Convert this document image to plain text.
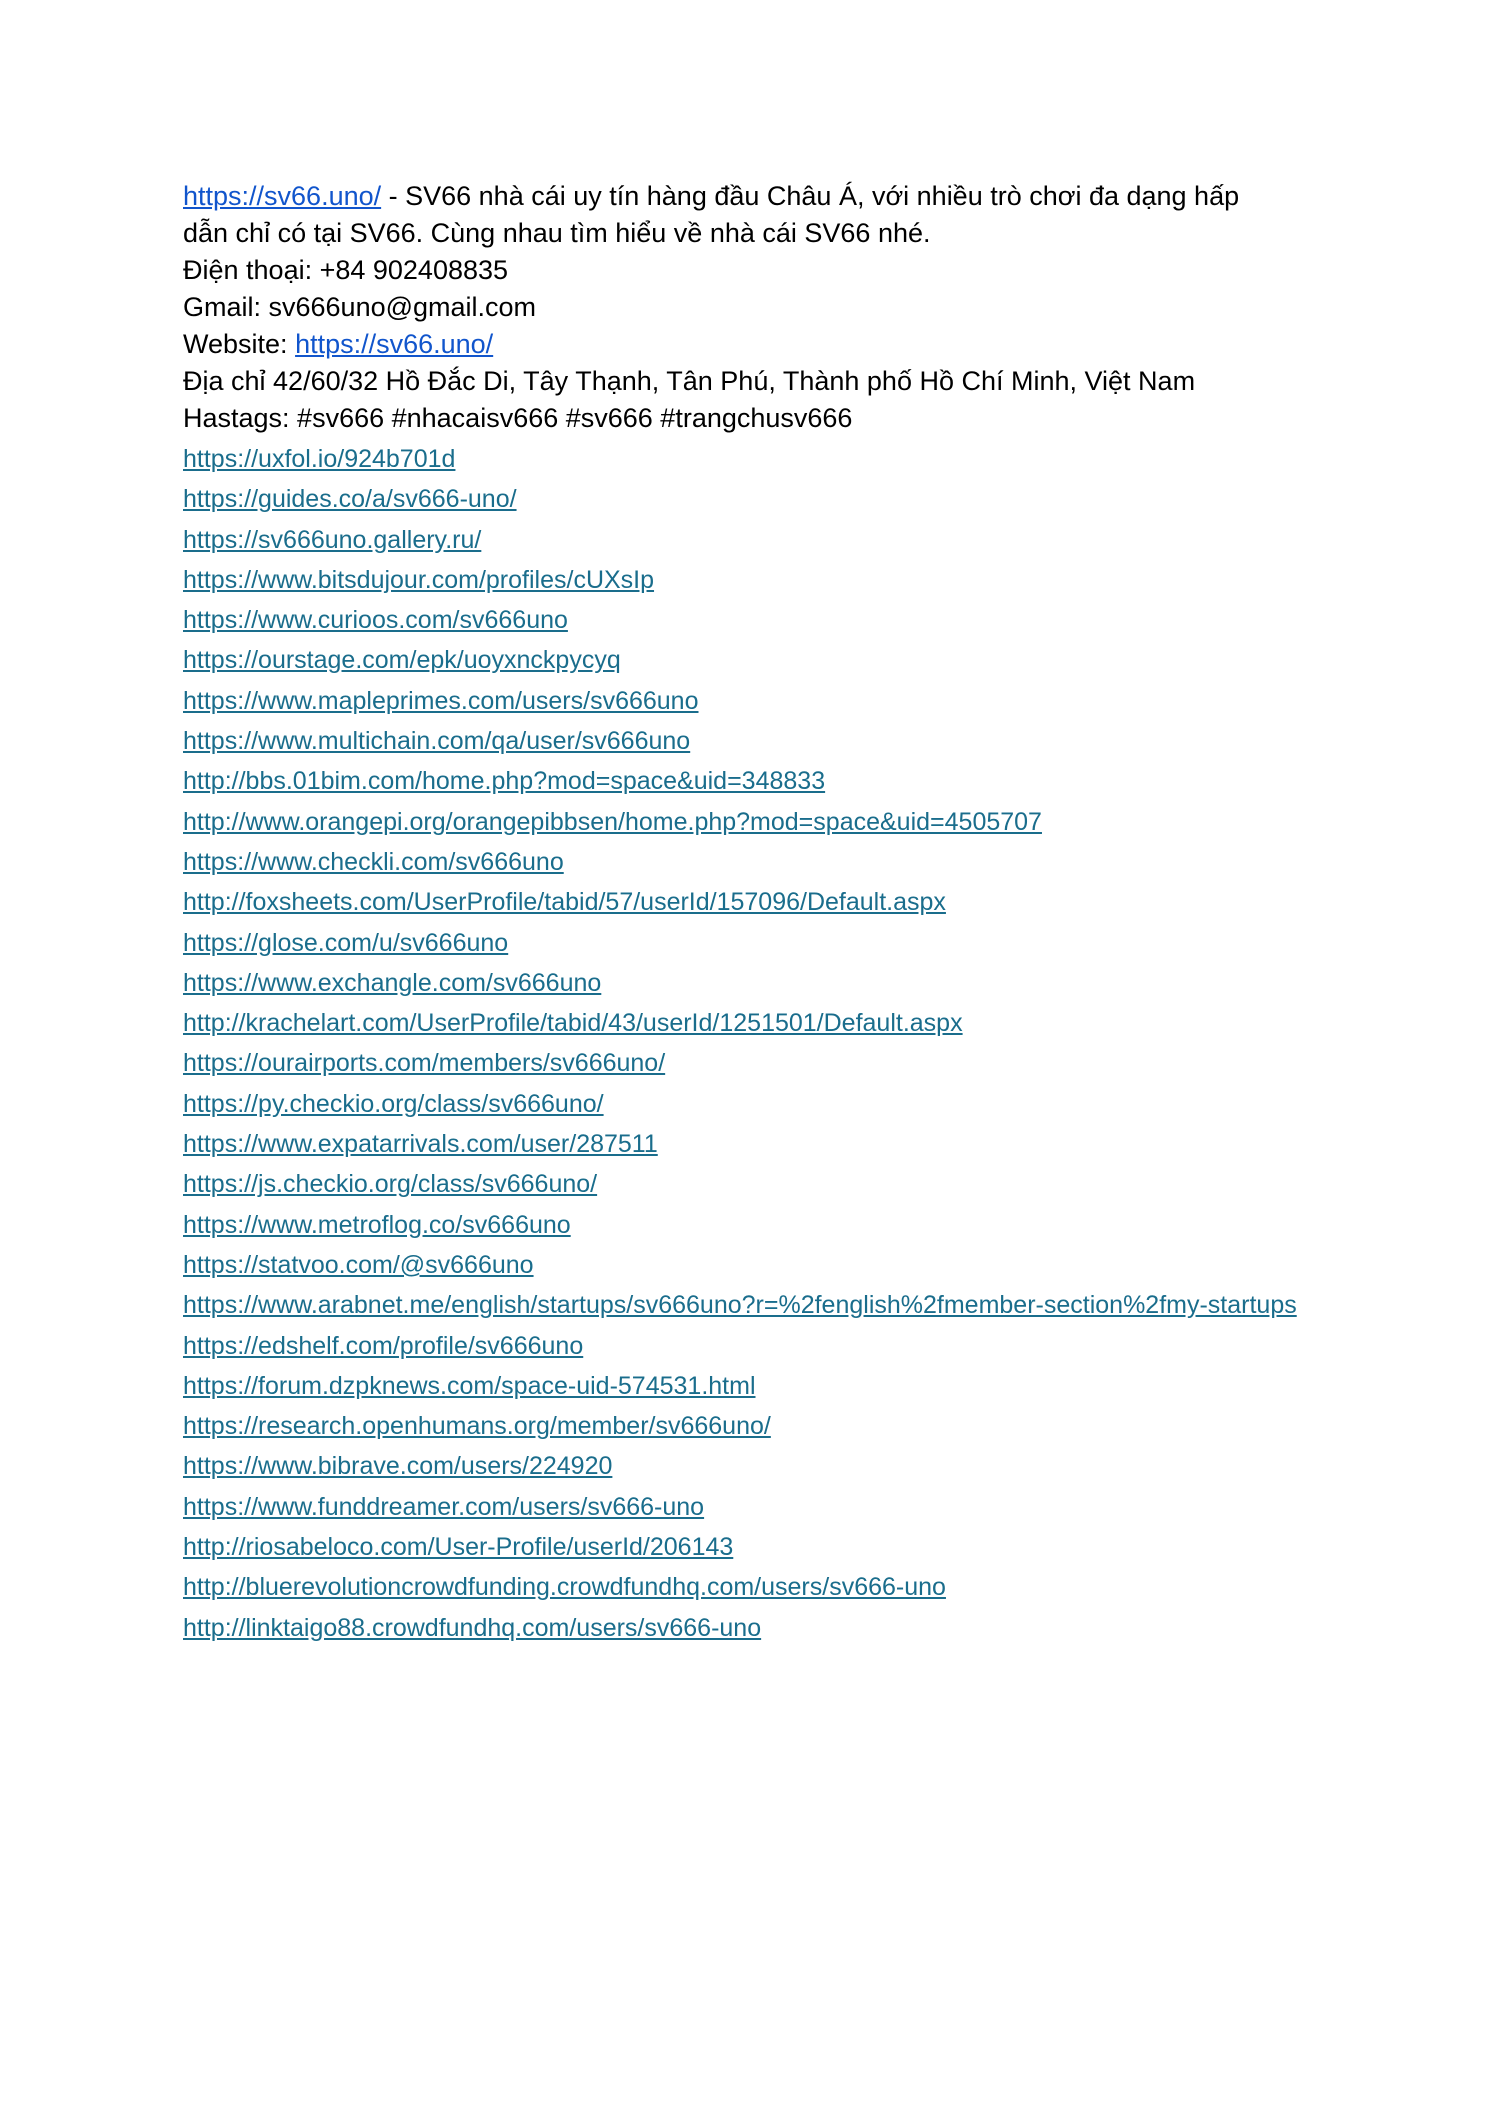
https://sv66.uno/ - SV66 nhà cái uy tín hàng đầu Châu Á, với nhiều trò chơi đa dạng hấp

dẫn chỉ có tại SV66. Cùng nhau tìm hiểu về nhà cái SV66 nhé.

Điện thoại: +84 902408835

Gmail: sv666uno@gmail.com

Website: https://sv66.uno/

Địa chỉ 42/60/32 Hồ Đắc Di, Tây Thạnh, Tân Phú, Thành phố Hồ Chí Minh, Việt Nam

Hastags: #sv666 #nhacaisv666 #sv666 #trangchusv666

https://uxfol.io/924b701d
https://guides.co/a/sv666-uno/
https://sv666uno.gallery.ru/
https://www.bitsdujour.com/profiles/cUXsIp
https://www.curioos.com/sv666uno
https://ourstage.com/epk/uoyxnckpycyq
https://www.mapleprimes.com/users/sv666uno
https://www.multichain.com/qa/user/sv666uno
http://bbs.01bim.com/home.php?mod=space&uid=348833
http://www.orangepi.org/orangepibbsen/home.php?mod=space&uid=4505707
https://www.checkli.com/sv666uno
http://foxsheets.com/UserProfile/tabid/57/userId/157096/Default.aspx
https://glose.com/u/sv666uno
https://www.exchangle.com/sv666uno
http://krachelart.com/UserProfile/tabid/43/userId/1251501/Default.aspx
https://ourairports.com/members/sv666uno/
https://py.checkio.org/class/sv666uno/
https://www.expatarrivals.com/user/287511
https://js.checkio.org/class/sv666uno/
https://www.metroflog.co/sv666uno
https://statvoo.com/@sv666uno
https://www.arabnet.me/english/startups/sv666uno?r=%2fenglish%2fmember-section%2fmy-startups
https://edshelf.com/profile/sv666uno
https://forum.dzpknews.com/space-uid-574531.html
https://research.openhumans.org/member/sv666uno/
https://www.bibrave.com/users/224920
https://www.funddreamer.com/users/sv666-uno
http://riosabeloco.com/User-Profile/userId/206143
http://bluerevolutioncrowdfunding.crowdfundhq.com/users/sv666-uno
http://linktaigo88.crowdfundhq.com/users/sv666-uno
